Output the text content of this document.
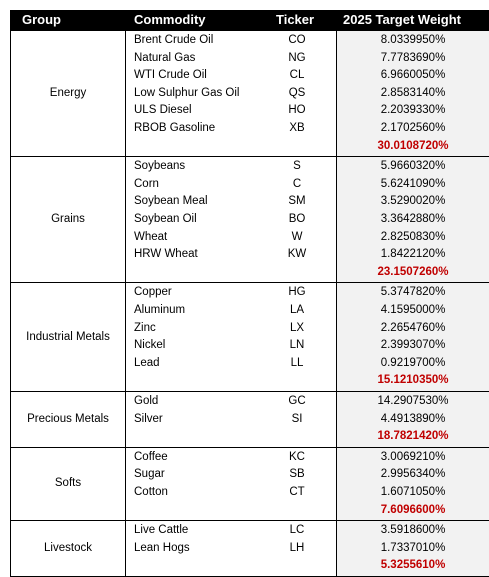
Group	Commodity	Ticker 2025 Target Weight
Energy
Brent Crude Oil	CO	8.0339950%
Natural Gas	NG	7.7783690%
WTI Crude Oil	CL	6.9660050%
Low Sulphur Gas Oil	QS	2.8583140%
ULS Diesel	HO	2.2039330%
RBOB Gasoline	XB	2.1702560%
30.0108720%
Grains
Soybeans	S	5.9660320%
Corn	C	5.6241090%
Soybean Meal	SM	3.5290020%
Soybean Oil	BO	3.3642880%
Wheat	W	2.8250830%
HRW Wheat	KW	1.8422120%
23.1507260%
Industrial Metals
Copper	HG	5.3747820%
Aluminum	LA	4.1595000%
Zinc	LX	2.2654760%
Nickel	LN	2.3993070%
Lead	LL	0.9219700%
15.1210350%
Precious Metals
Gold	GC	14.2907530%
Silver	SI	4.4913890%
18.7821420%
Softs
Coffee	KC	3.0069210%
Sugar	SB	2.9956340%
Cotton	CT	1.6071050%
7.6096600%
Livestock
Live Cattle	LC	3.5918600%
Lean Hogs	LH	1.7337010%
5.3255610%
